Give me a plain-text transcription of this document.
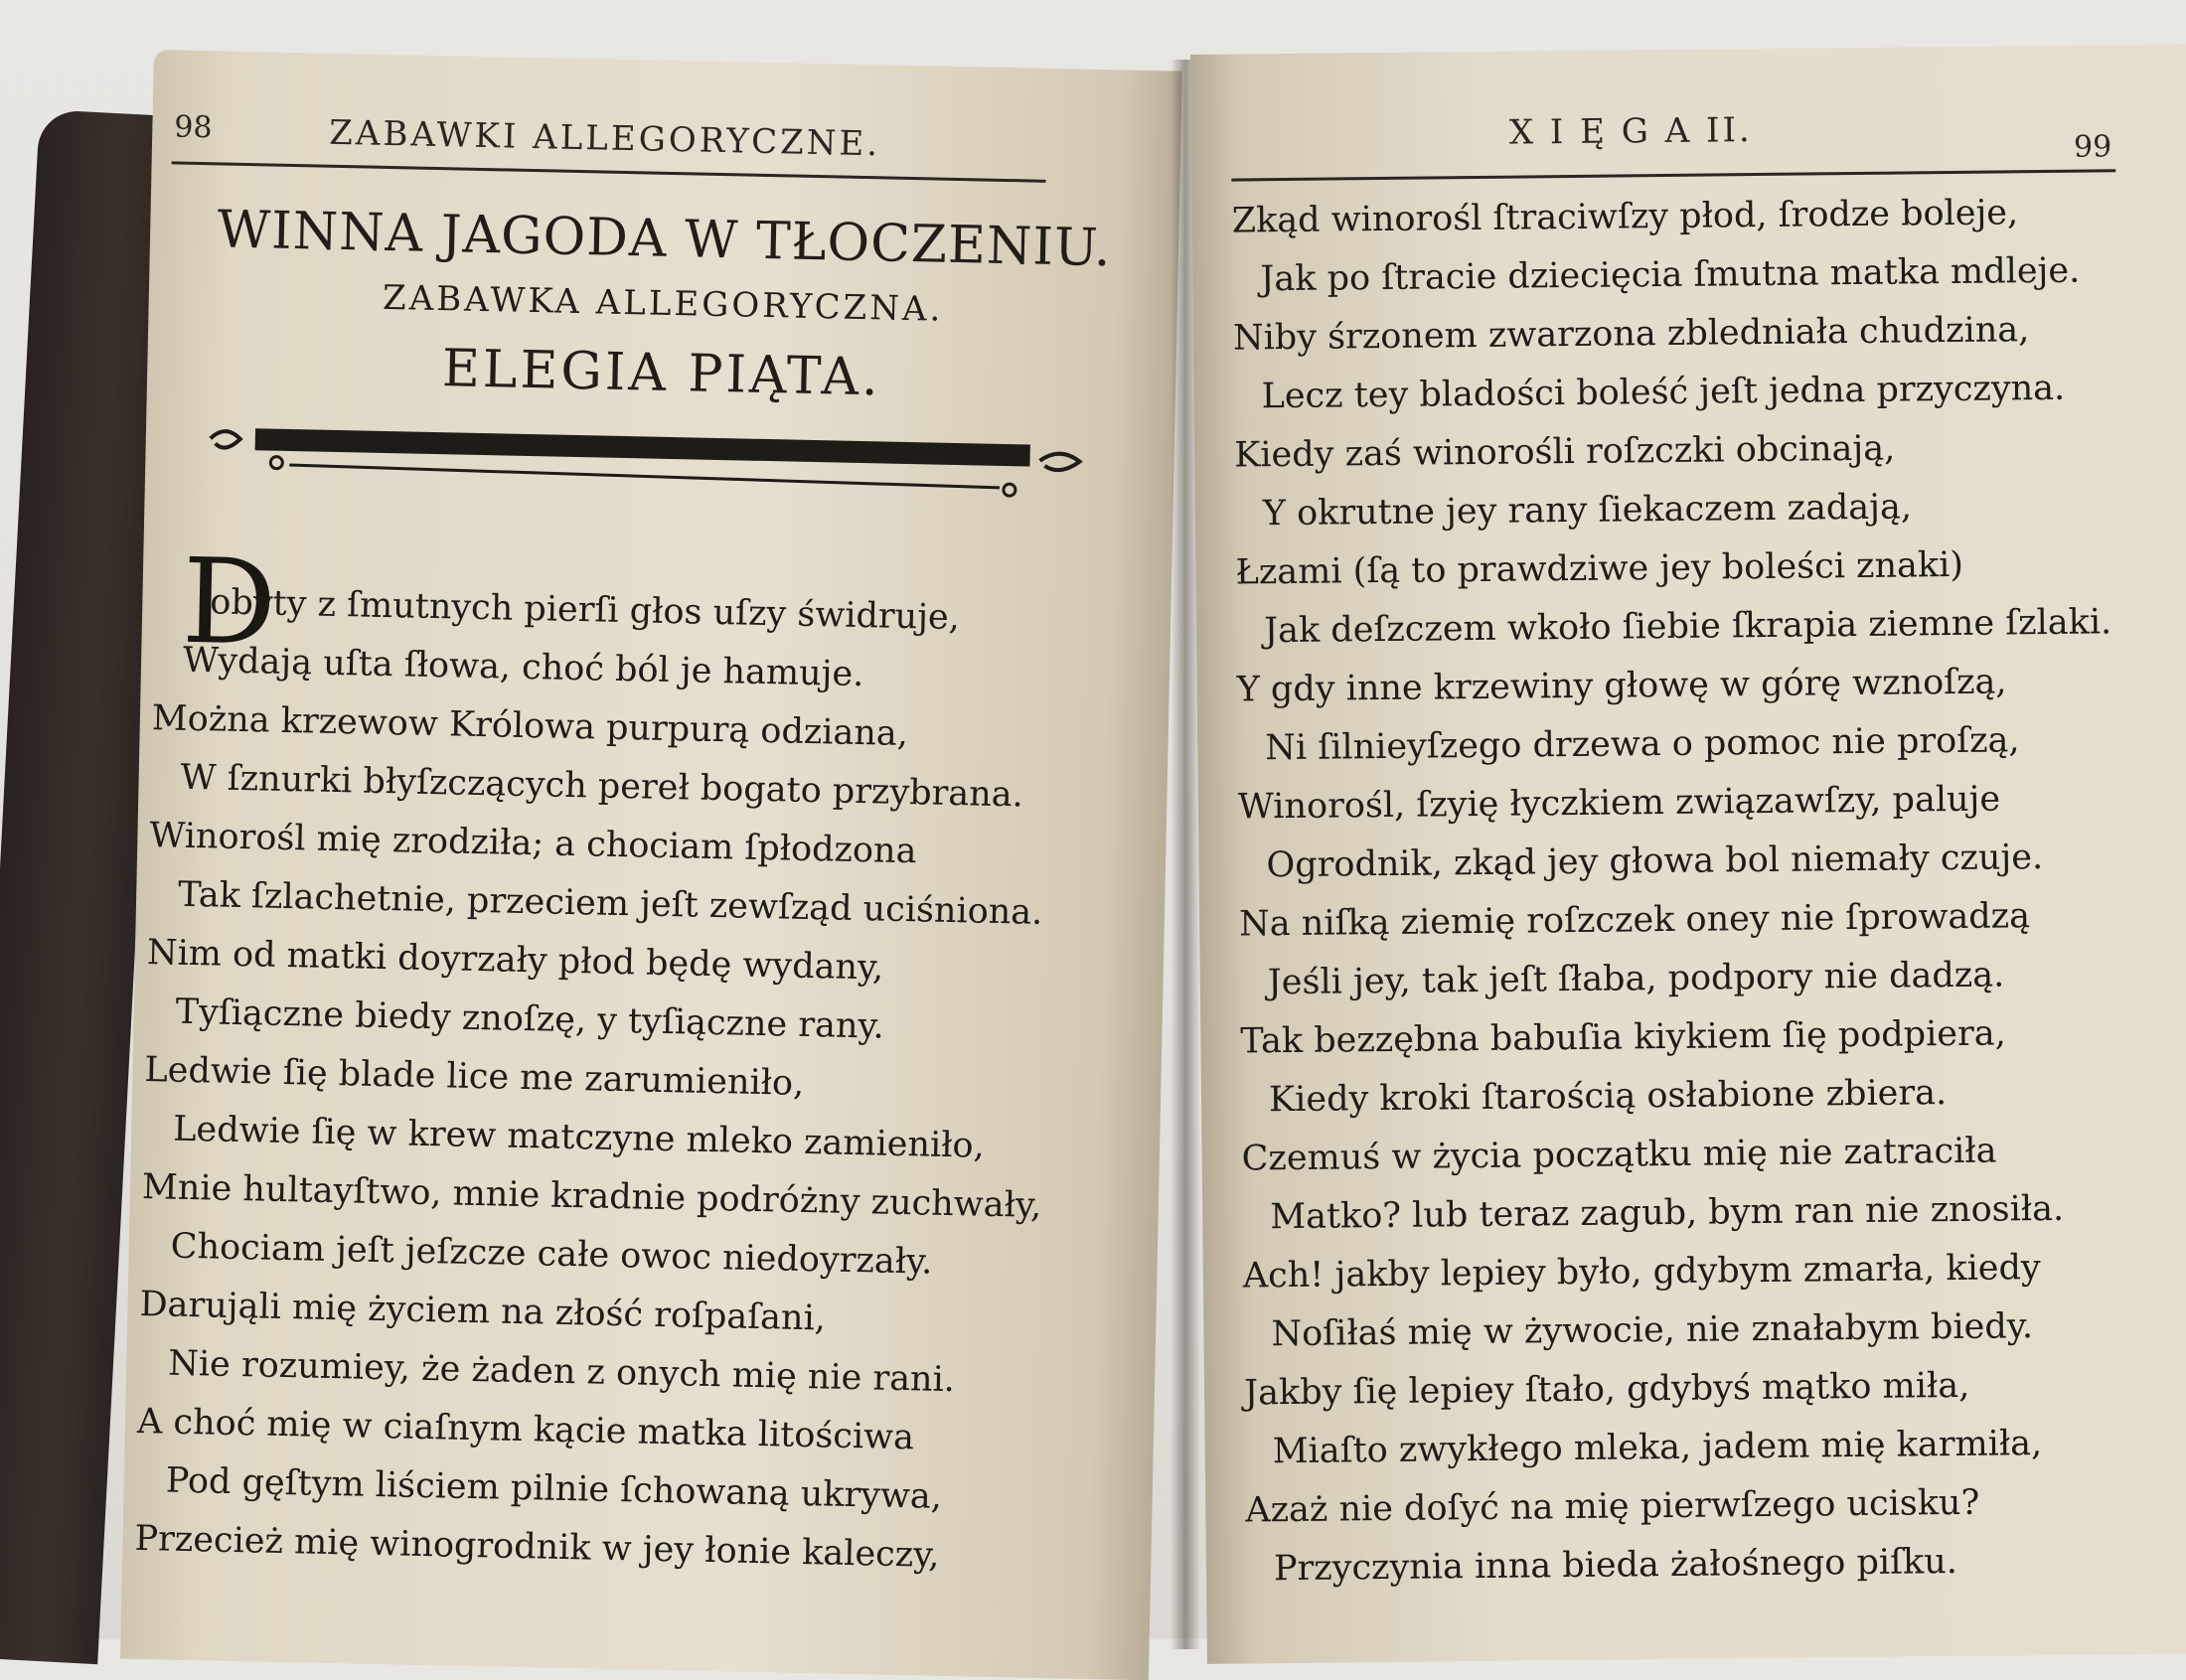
98	ZABAWKI ALLEGORYCZNE.
WINNA JAGODA W TŁOCZENIU.
ZABAWKA ALLEGORYCZNA.
ELEGIA PIĄTA.
D
obyty z ſmutnych pierſi głos uſzy świdruje,
Wydają uſta ſłowa, choć ból je hamuje.
Można krzewow Królowa purpurą odziana,
W ſznurki błyſzczących pereł bogato przybrana.
Winorośl mię zrodziła; a chociam ſpłodzona
Tak ſzlachetnie, przeciem jeſt zewſząd uciśniona.
Nim od matki doyrzały płod będę wydany,
Tyſiączne biedy znoſzę, y tyſiączne rany.
Ledwie ſię blade lice me zarumieniło,
Ledwie ſię w krew matczyne mleko zamieniło,
Mnie hultayſtwo, mnie kradnie podróżny zuchwały,
Chociam jeſt jeſzcze całe owoc niedoyrzały.
Darująli mię życiem na złość roſpaſani,
Nie rozumiey, że żaden z onych mię nie rani.
A choć mię w ciaſnym kącie matka litościwa
Pod gęſtym liściem pilnie ſchowaną ukrywa,
Przecież mię winogrodnik w jey łonie kaleczy,
X I Ę G A II.	99
Zkąd winorośl ſtraciwſzy płod, ſrodze boleje,
Jak po ſtracie dziecięcia ſmutna matka mdleje.
Niby śrzonem zwarzona zbledniała chudzina,
Lecz tey bladości boleść jeſt jedna przyczyna.
Kiedy zaś winorośli roſzczki obcinają,
Y okrutne jey rany ſiekaczem zadają,
Łzami (ſą to prawdziwe jey boleści znaki)
Jak deſzczem wkoło ſiebie ſkrapia ziemne ſzlaki.
Y gdy inne krzewiny głowę w górę wznoſzą,
Ni ſilnieyſzego drzewa o pomoc nie proſzą,
Winorośl, ſzyię łyczkiem związawſzy, paluje
Ogrodnik, zkąd jey głowa bol niemały czuje.
Na niſką ziemię roſzczek oney nie ſprowadzą
Jeśli jey, tak jeſt ſłaba, podpory nie dadzą.
Tak bezzębna babuſia kiykiem ſię podpiera,
Kiedy kroki ſtarością osłabione zbiera.
Czemuś w życia początku mię nie zatraciła
Matko? lub teraz zagub, bym ran nie znosiła.
Ach! jakby lepiey było, gdybym zmarła, kiedy
Noſiłaś mię w żywocie, nie znałabym biedy.
Jakby ſię lepiey ſtało, gdybyś mątko miła,
Miaſto zwykłego mleka, jadem mię karmiła,
Azaż nie doſyć na mię pierwſzego ucisku?
Przyczynia inna bieda żałośnego piſku.
